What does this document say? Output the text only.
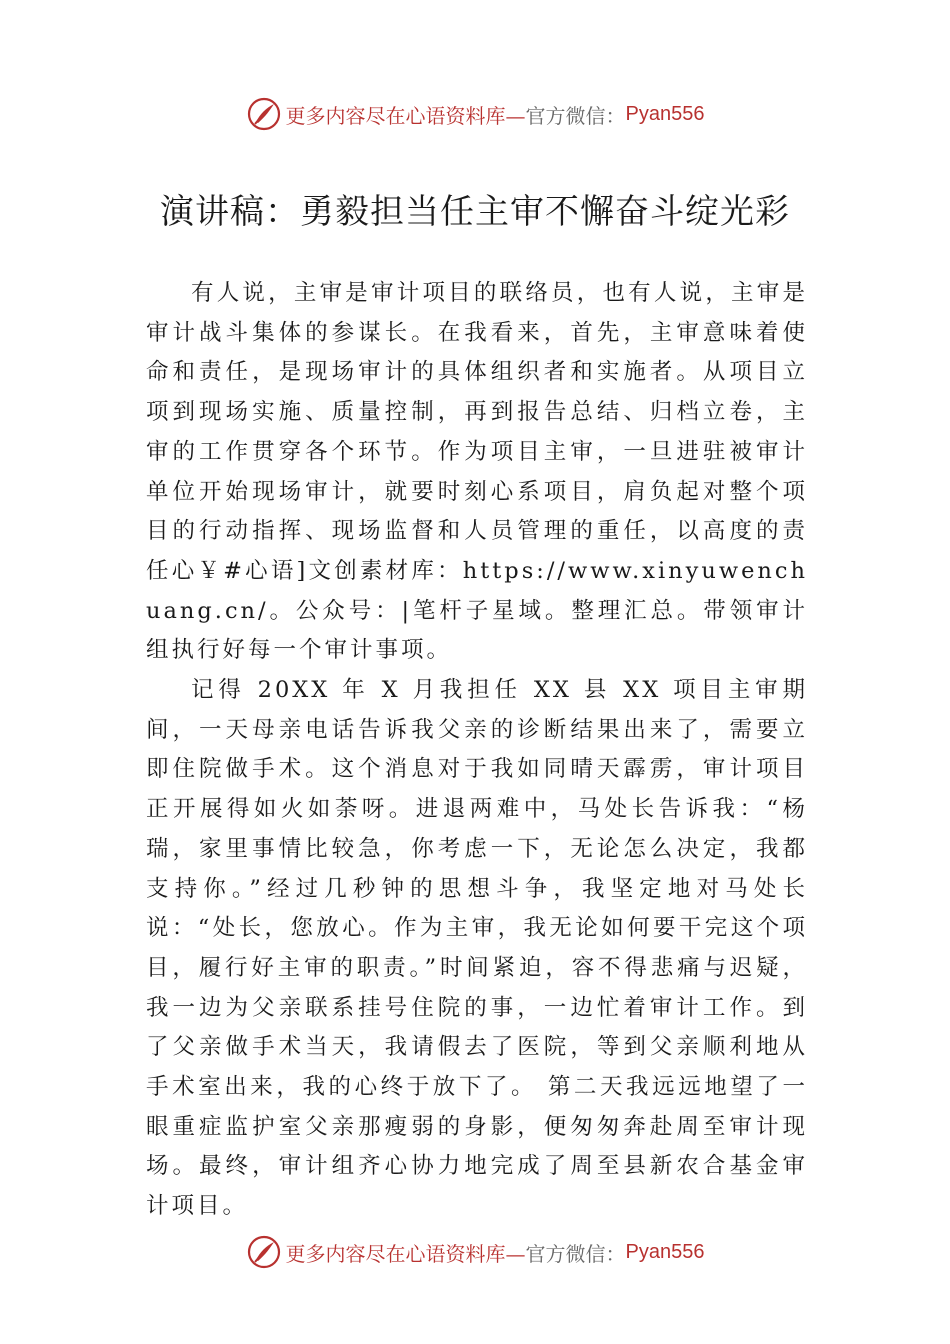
更多内容尽在心语资料库— 官方微信： Pyan556
演讲稿：勇毅担当任主审不懈奋斗绽光彩

有人说，主审是审计项目的联络员，也有人说，主审是审计战斗集体的参谋长。在我看来，首先，主审意味着使命和责任，是现场审计的具体组织者和实施者。从项目立项到现场实施、质量控制，再到报告总结、归档立卷，主审的工作贯穿各个环节。作为项目主审，一旦进驻被审计单位开始现场审计，就要时刻心系项目，肩负起对整个项目的行动指挥、现场监督和人员管理的重任，以高度的责任心￥#心语]文创素材库：https://www.xinyuwenchuang.cn/。公众号：|笔杆子星域。整理汇总。带领审计组执行好每一个审计事项。

记得 20XX 年 X 月我担任 XX 县 XX 项目主审期间，一天母亲电话告诉我父亲的诊断结果出来了，需要立即住院做手术。这个消息对于我如同晴天霹雳，审计项目正开展得如火如荼呀。进退两难中，马处长告诉我：“杨瑞，家里事情比较急，你考虑一下，无论怎么决定，我都支持你。”经过几秒钟的思想斗争，我坚定地对马处长说：“处长，您放心。作为主审，我无论如何要干完这个项目，履行好主审的职责。”时间紧迫，容不得悲痛与迟疑，我一边为父亲联系挂号住院的事，一边忙着审计工作。到了父亲做手术当天，我请假去了医院，等到父亲顺利地从手术室出来，我的心终于放下了。 第二天我远远地望了一眼重症监护室父亲那瘦弱的身影，便匆匆奔赴周至审计现场。最终，审计组齐心协力地完成了周至县新农合基金审计项目。

更多内容尽在心语资料库— 官方微信： Pyan556
